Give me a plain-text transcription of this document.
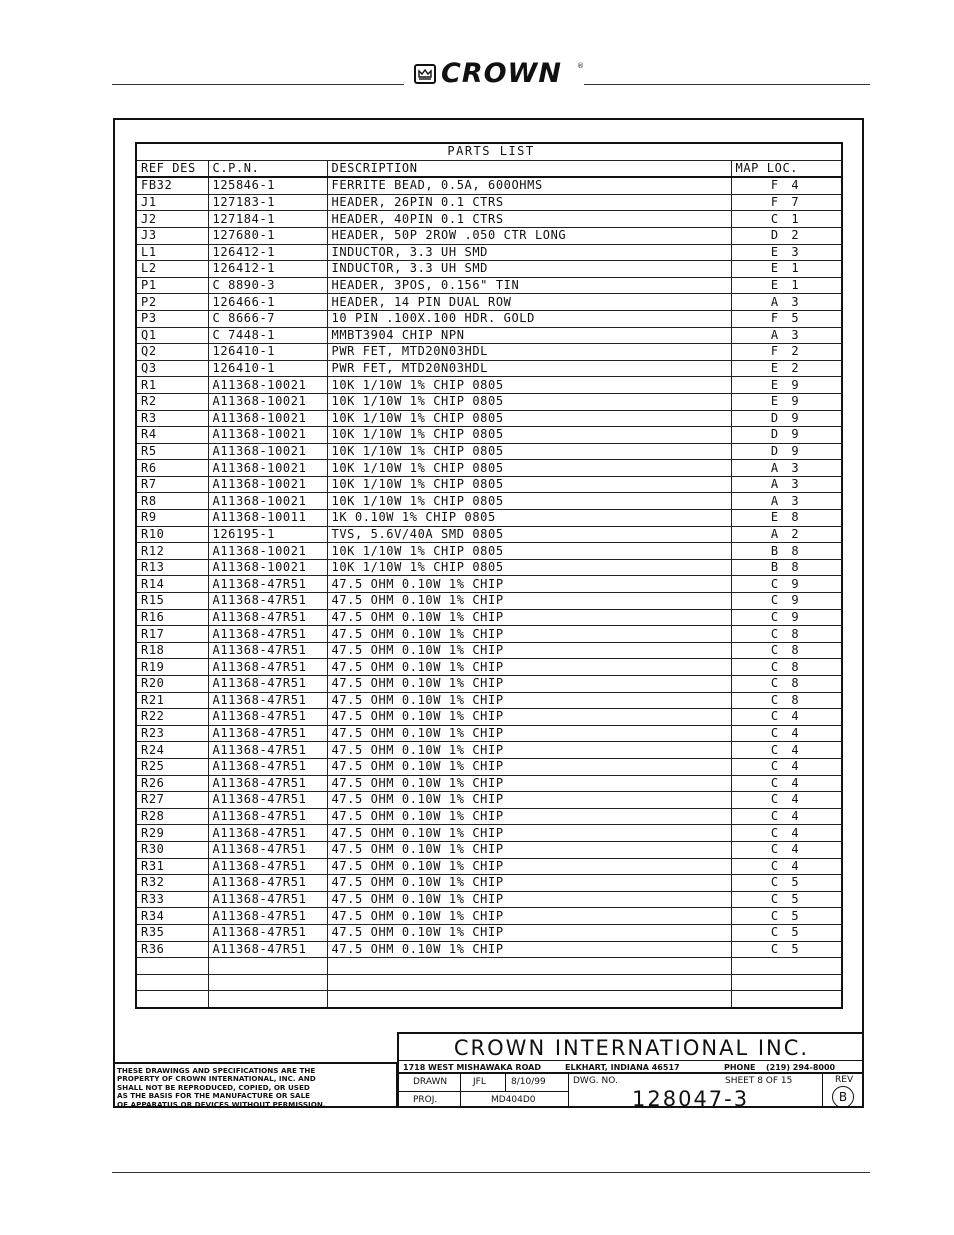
CROWN ®
PARTS LIST			
REF DES	C.P.N.	DESCRIPTION	MAP LOC.
FB32	125846-1	FERRITE BEAD, 0.5A, 600OHMS	F 4
J1	127183-1	HEADER, 26PIN 0.1 CTRS	F 7
J2	127184-1	HEADER, 40PIN 0.1 CTRS	C 1
J3	127680-1	HEADER, 50P 2ROW .050 CTR LONG	D 2
L1	126412-1	INDUCTOR, 3.3 UH SMD	E 3
L2	126412-1	INDUCTOR, 3.3 UH SMD	E 1
P1	C 8890-3	HEADER, 3POS, 0.156" TIN	E 1
P2	126466-1	HEADER, 14 PIN DUAL ROW	A 3
P3	C 8666-7	10 PIN .100X.100 HDR. GOLD	F 5
Q1	C 7448-1	MMBT3904 CHIP NPN	A 3
Q2	126410-1	PWR FET, MTD20N03HDL	F 2
Q3	126410-1	PWR FET, MTD20N03HDL	E 2
R1	A11368-10021	10K 1/10W 1% CHIP 0805	E 9
R2	A11368-10021	10K 1/10W 1% CHIP 0805	E 9
R3	A11368-10021	10K 1/10W 1% CHIP 0805	D 9
R4	A11368-10021	10K 1/10W 1% CHIP 0805	D 9
R5	A11368-10021	10K 1/10W 1% CHIP 0805	D 9
R6	A11368-10021	10K 1/10W 1% CHIP 0805	A 3
R7	A11368-10021	10K 1/10W 1% CHIP 0805	A 3
R8	A11368-10021	10K 1/10W 1% CHIP 0805	A 3
R9	A11368-10011	1K 0.10W 1% CHIP 0805	E 8
R10	126195-1	TVS, 5.6V/40A SMD 0805	A 2
R12	A11368-10021	10K 1/10W 1% CHIP 0805	B 8
R13	A11368-10021	10K 1/10W 1% CHIP 0805	B 8
R14	A11368-47R51	47.5 OHM 0.10W 1% CHIP	C 9
R15	A11368-47R51	47.5 OHM 0.10W 1% CHIP	C 9
R16	A11368-47R51	47.5 OHM 0.10W 1% CHIP	C 9
R17	A11368-47R51	47.5 OHM 0.10W 1% CHIP	C 8
R18	A11368-47R51	47.5 OHM 0.10W 1% CHIP	C 8
R19	A11368-47R51	47.5 OHM 0.10W 1% CHIP	C 8
R20	A11368-47R51	47.5 OHM 0.10W 1% CHIP	C 8
R21	A11368-47R51	47.5 OHM 0.10W 1% CHIP	C 8
R22	A11368-47R51	47.5 OHM 0.10W 1% CHIP	C 4
R23	A11368-47R51	47.5 OHM 0.10W 1% CHIP	C 4
R24	A11368-47R51	47.5 OHM 0.10W 1% CHIP	C 4
R25	A11368-47R51	47.5 OHM 0.10W 1% CHIP	C 4
R26	A11368-47R51	47.5 OHM 0.10W 1% CHIP	C 4
R27	A11368-47R51	47.5 OHM 0.10W 1% CHIP	C 4
R28	A11368-47R51	47.5 OHM 0.10W 1% CHIP	C 4
R29	A11368-47R51	47.5 OHM 0.10W 1% CHIP	C 4
R30	A11368-47R51	47.5 OHM 0.10W 1% CHIP	C 4
R31	A11368-47R51	47.5 OHM 0.10W 1% CHIP	C 4
R32	A11368-47R51	47.5 OHM 0.10W 1% CHIP	C 5
R33	A11368-47R51	47.5 OHM 0.10W 1% CHIP	C 5
R34	A11368-47R51	47.5 OHM 0.10W 1% CHIP	C 5
R35	A11368-47R51	47.5 OHM 0.10W 1% CHIP	C 5
R36	A11368-47R51	47.5 OHM 0.10W 1% CHIP	C 5

THESE DRAWINGS AND SPECIFICATIONS ARE THE
PROPERTY OF CROWN INTERNATIONAL, INC. AND
SHALL NOT BE REPRODUCED, COPIED, OR USED
AS THE BASIS FOR THE MANUFACTURE OR SALE
OF APPARATUS OR DEVICES WITHOUT PERMISSION.
CROWN INTERNATIONAL INC.
1718 WEST MISHAWAKA ROAD	ELKHART, INDIANA 46517	PHONE (219) 294-8000
DRAWN	JFL	8/10/99	DWG. NO.	SHEET 8 OF 15	REV
PROJ.	MD404D0	128047-3	B
